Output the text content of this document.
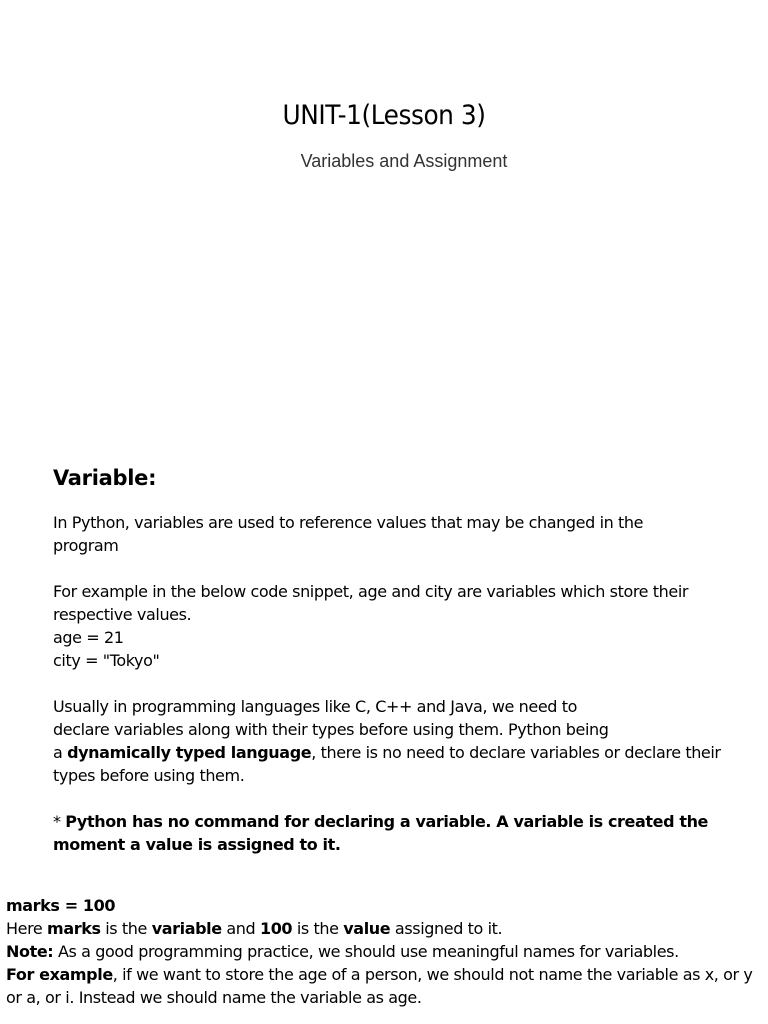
UNIT-1(Lesson 3)
Variables and Assignment
Variable:
In Python, variables are used to reference values that may be changed in the
program
For example in the below code snippet, age and city are variables which store their
respective values.
age = 21
city = "Tokyo"
Usually in programming languages like C, C++ and Java, we need to
declare variables along with their types before using them. Python being
a dynamically typed language, there is no need to declare variables or declare their
types before using them.
* Python has no command for declaring a variable. A variable is created the
moment a value is assigned to it.
marks = 100
Here marks is the variable and 100 is the value assigned to it.
Note: As a good programming practice, we should use meaningful names for variables.
For example, if we want to store the age of a person, we should not name the variable as x, or y
or a, or i. Instead we should name the variable as age.
